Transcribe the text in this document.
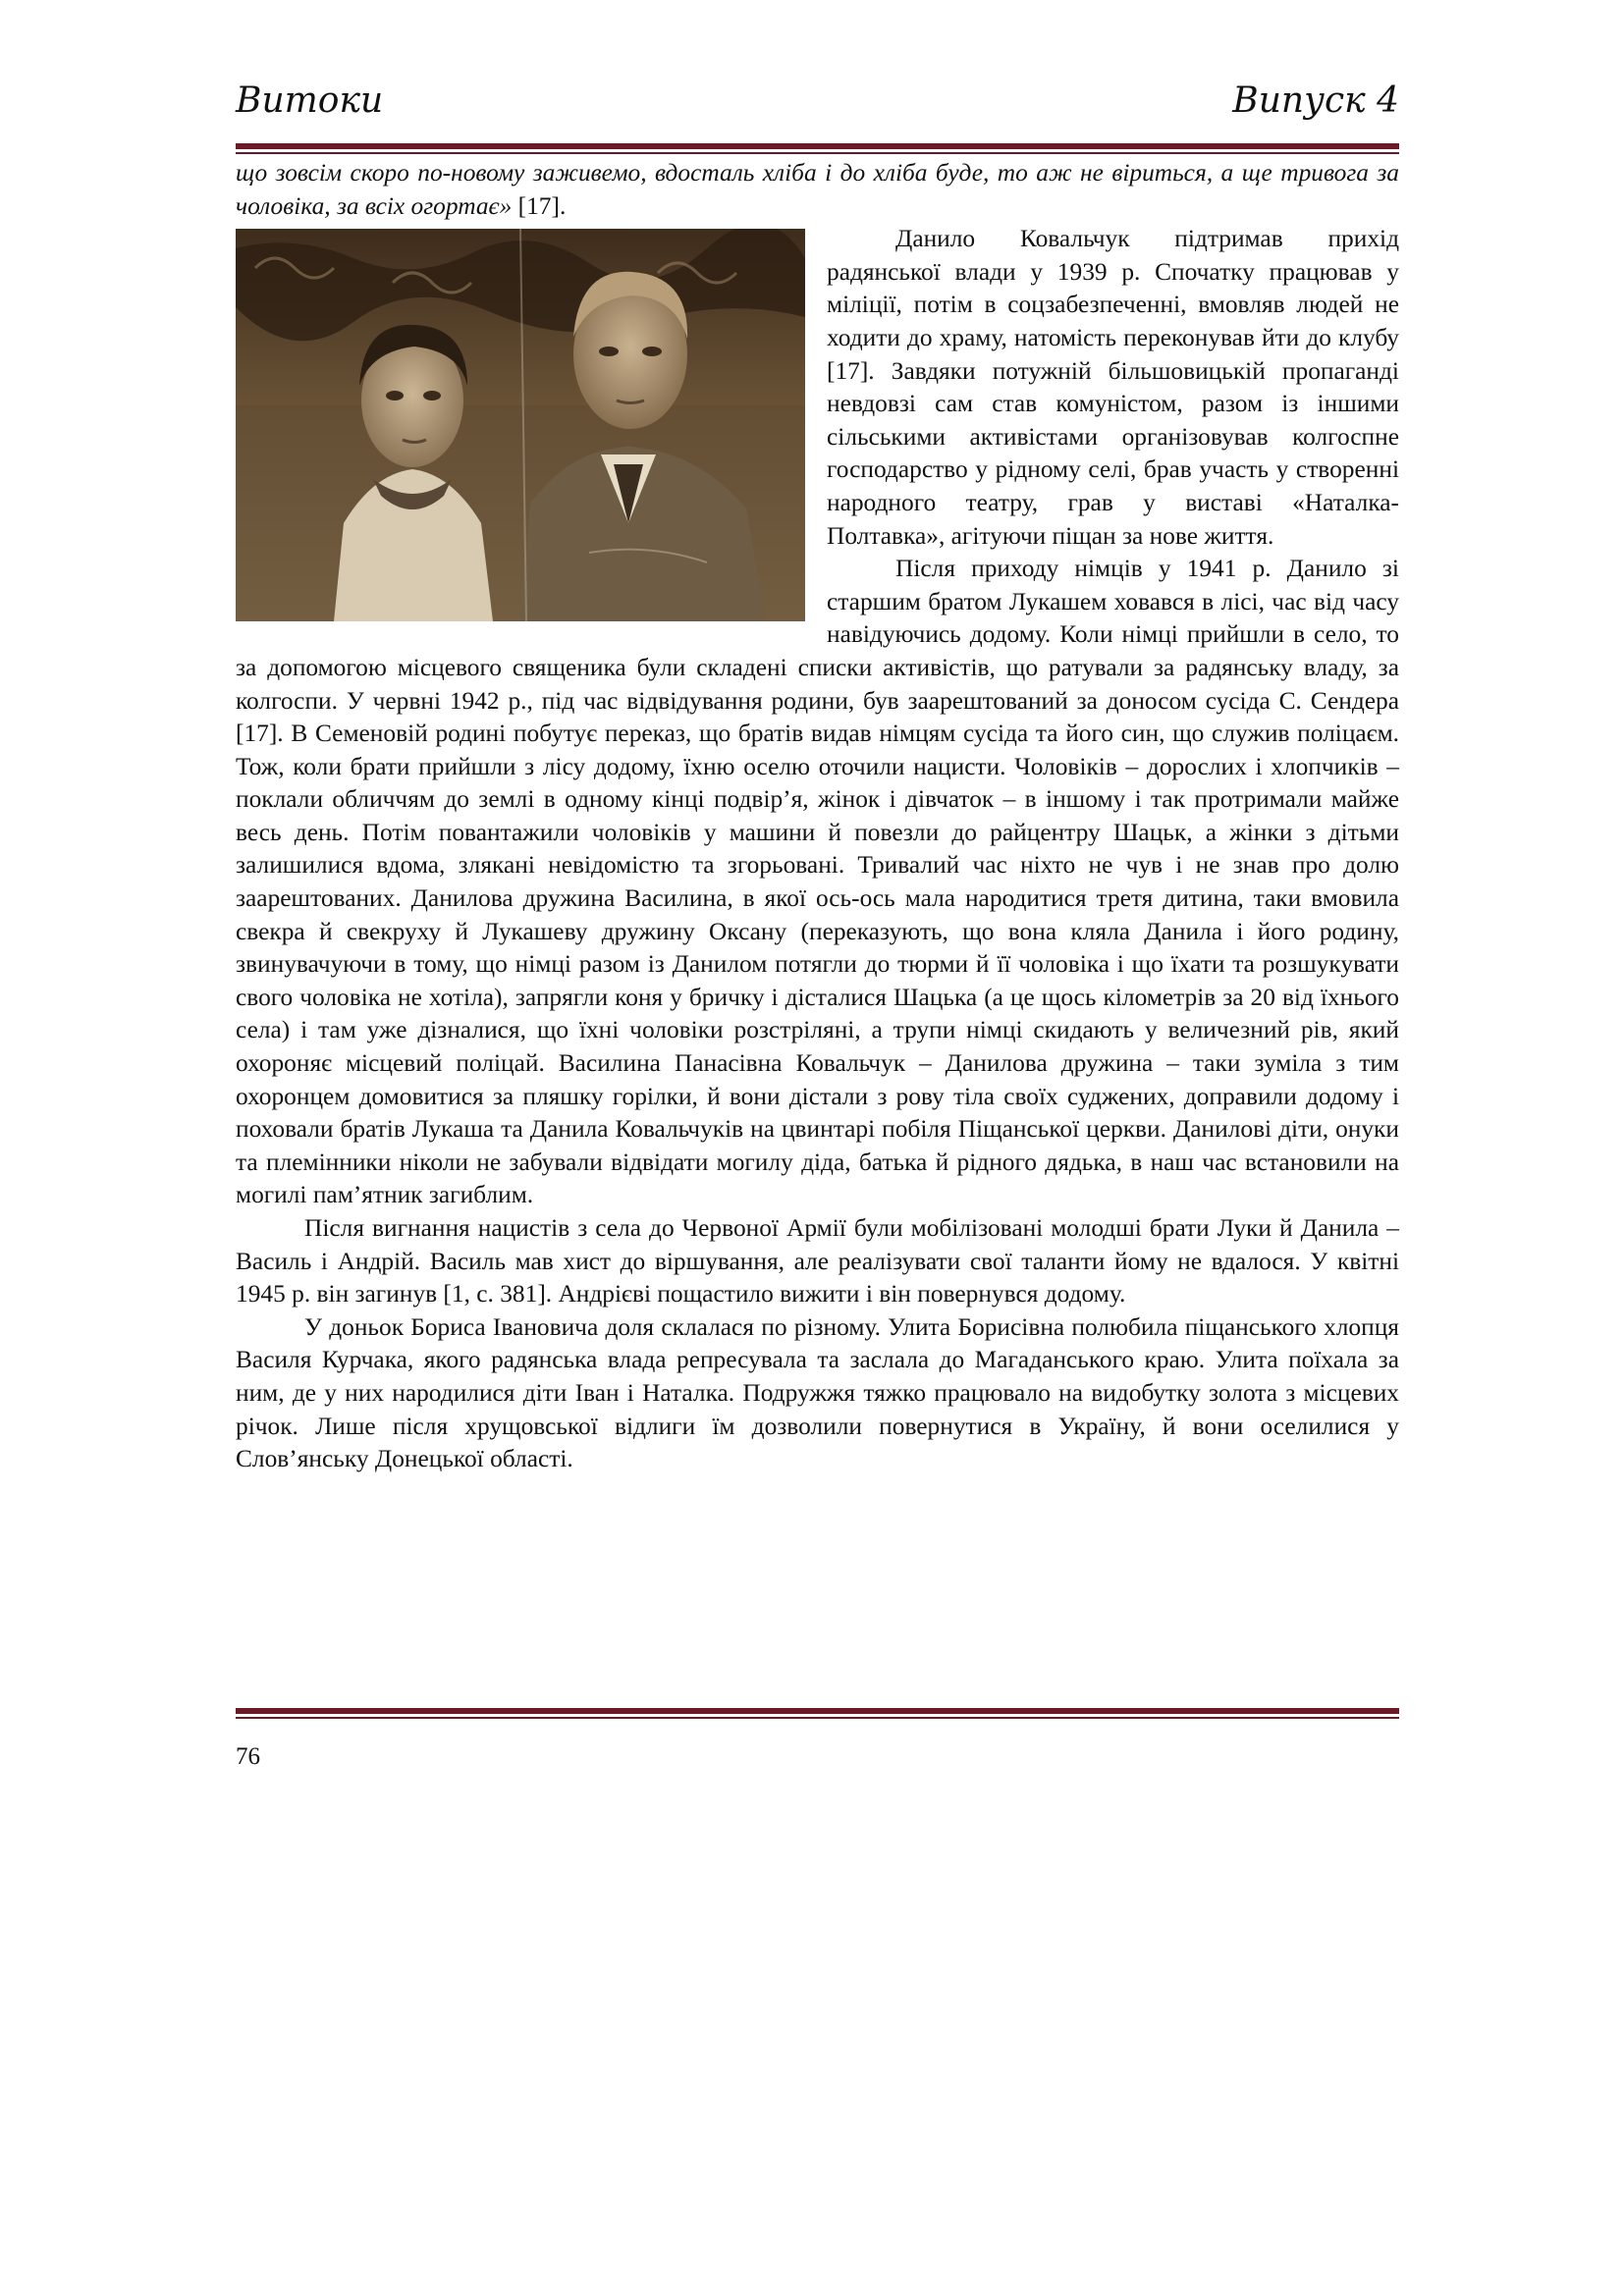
Витоки	Випуск 4

що зовсім скоро по-новому заживемо, вдосталь хліба і до хліба буде, то аж не віриться, а ще тривога за чоловіка, за всіх огортає» [17].

Данило Ковальчук підтримав прихід радянської влади у 1939 р. Спочатку працював у міліції, потім в соцзабезпеченні, вмовляв людей не ходити до храму, натомість переконував йти до клубу [17]. Завдяки потужній більшовицькій пропаганді невдовзі сам став комуністом, разом із іншими сільськими активістами організовував колгоспне господарство у рідному селі, брав участь у створенні народного театру, грав у виставі «Наталка-Полтавка», агітуючи піщан за нове життя.

Після приходу німців у 1941 р. Данило зі старшим братом Лукашем ховався в лісі, час від часу навідуючись додому. Коли німці прийшли в село, то за допомогою місцевого священика були складені списки активістів, що ратували за радянську владу, за колгоспи. У червні 1942 р., під час відвідування родини, був заарештований за доносом сусіда С. Сендера [17]. В Семеновій родині побутує переказ, що братів видав німцям сусіда та його син, що служив поліцаєм. Тож, коли брати прийшли з лісу додому, їхню оселю оточили нацисти. Чоловіків – дорослих і хлопчиків – поклали обличчям до землі в одному кінці подвір’я, жінок і дівчаток – в іншому і так протримали майже весь день. Потім повантажили чоловіків у машини й повезли до райцентру Шацьк, а жінки з дітьми залишилися вдома, злякані невідомістю та згорьовані. Тривалий час ніхто не чув і не знав про долю заарештованих. Данилова дружина Василина, в якої ось-ось мала народитися третя дитина, таки вмовила свекра й свекруху й Лукашеву дружину Оксану (переказують, що вона кляла Данила і його родину, звинувачуючи в тому, що німці разом із Данилом потягли до тюрми й її чоловіка і що їхати та розшукувати свого чоловіка не хотіла), запрягли коня у бричку і дісталися Шацька (а це щось кілометрів за 20 від їхнього села) і там уже дізналися, що їхні чоловіки розстріляні, а трупи німці скидають у величезний рів, який охороняє місцевий поліцай. Василина Панасівна Ковальчук – Данилова дружина – таки зуміла з тим охоронцем домовитися за пляшку горілки, й вони дістали з рову тіла своїх суджених, доправили додому і поховали братів Лукаша та Данила Ковальчуків на цвинтарі побіля Піщанської церкви. Данилові діти, онуки та племінники ніколи не забували відвідати могилу діда, батька й рідного дядька, в наш час встановили на могилі пам’ятник загиблим.

Після вигнання нацистів з села до Червоної Армії були мобілізовані молодші брати Луки й Данила – Василь і Андрій. Василь мав хист до віршування, але реалізувати свої таланти йому не вдалося. У квітні 1945 р. він загинув [1, с. 381]. Андрієві пощастило вижити і він повернувся додому.

У доньок Бориса Івановича доля склалася по різному. Улита Борисівна полюбила піщанського хлопця Василя Курчака, якого радянська влада репресувала та заслала до Магаданського краю. Улита поїхала за ним, де у них народилися діти Іван і Наталка. Подружжя тяжко працювало на видобутку золота з місцевих річок. Лише після хрущовської відлиги їм дозволили повернутися в Україну, й вони оселилися у Слов’янську Донецької області.

76
